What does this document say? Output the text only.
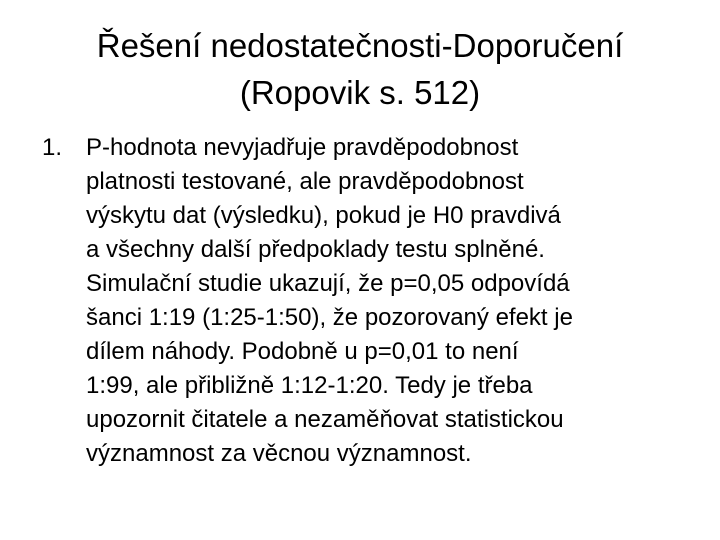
Řešení nedostatečnosti-Doporučení
(Ropovik s. 512)
1. P-hodnota nevyjadřuje pravděpodobnost
platnosti testované, ale pravděpodobnost
výskytu dat (výsledku), pokud je H0 pravdivá
a všechny další předpoklady testu splněné.
Simulační studie ukazují, že p=0,05 odpovídá
šanci 1:19 (1:25-1:50), že pozorovaný efekt je
dílem náhody. Podobně u p=0,01 to není
1:99, ale přibližně 1:12-1:20. Tedy je třeba
upozornit čitatele a nezaměňovat statistickou
významnost za věcnou významnost.
